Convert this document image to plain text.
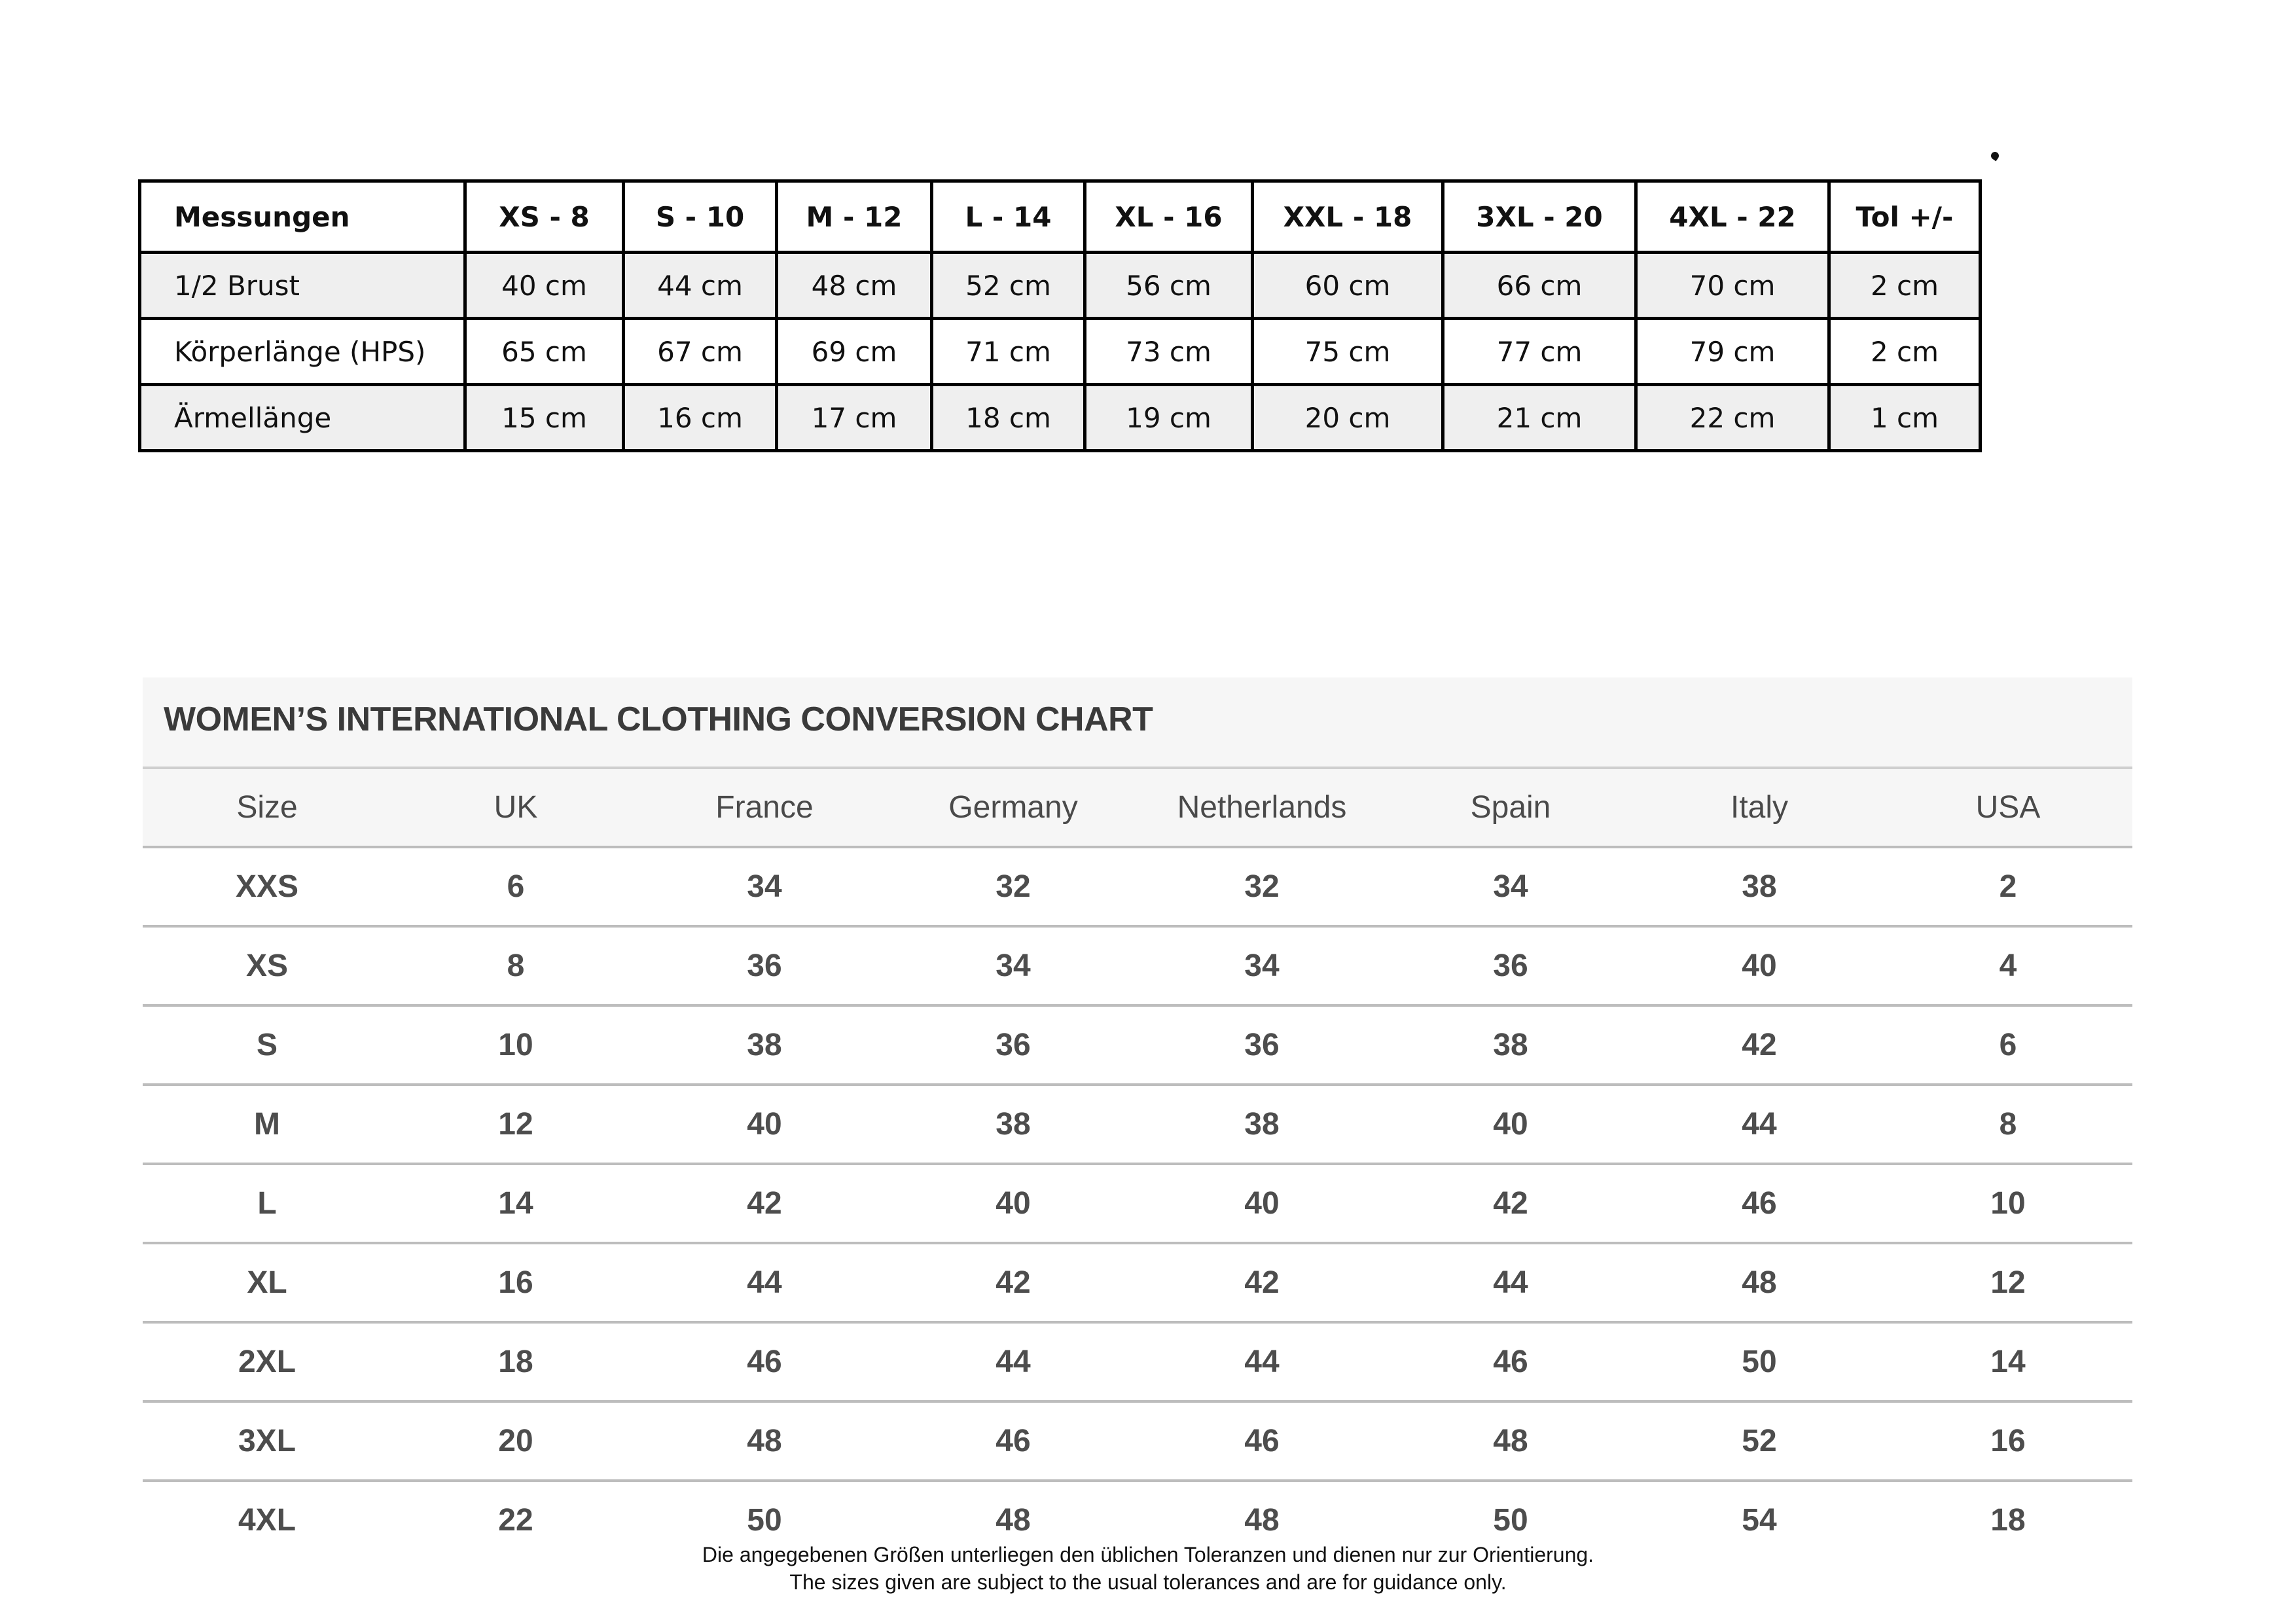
Messungen	XS - 8	S - 10	M - 12	L - 14	XL - 16	XXL - 18	3XL - 20	4XL - 22	Tol +/-
1/2 Brust	40 cm	44 cm	48 cm	52 cm	56 cm	60 cm	66 cm	70 cm	2 cm
Körperlänge (HPS)	65 cm	67 cm	69 cm	71 cm	73 cm	75 cm	77 cm	79 cm	2 cm
Ärmellänge	15 cm	16 cm	17 cm	18 cm	19 cm	20 cm	21 cm	22 cm	1 cm
WOMEN’S INTERNATIONAL CLOTHING CONVERSION CHART
Size	UK	France	Germany	Netherlands	Spain	Italy	USA
XXS	6	34	32	32	34	38	2
XS	8	36	34	34	36	40	4
S	10	38	36	36	38	42	6
M	12	40	38	38	40	44	8
L	14	42	40	40	42	46	10
XL	16	44	42	42	44	48	12
2XL	18	46	44	44	46	50	14
3XL	20	48	46	46	48	52	16
4XL	22	50	48	48	50	54	18
Die angegebenen Größen unterliegen den üblichen Toleranzen und dienen nur zur Orientierung.
The sizes given are subject to the usual tolerances and are for guidance only.
